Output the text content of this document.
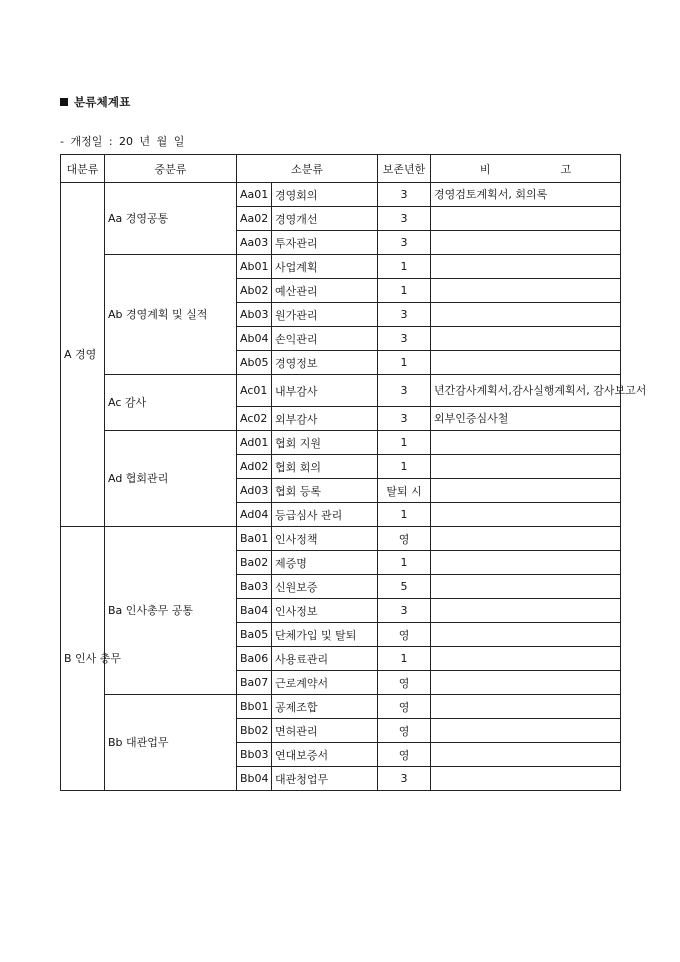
분류체계표
- 개정일 : 20 년 월 일
대분류	중분류	소분류		보존년한	비 고
A 경영	Aa 경영공통	Aa01	경영회의	3	경영검토계획서, 회의록
		Aa02	경영개선	3	
		Aa03	투자관리	3	
	Ab 경영계획 및 실적	Ab01	사업계획	1	
		Ab02	예산관리	1	
		Ab03	원가관리	3	
		Ab04	손익관리	3	
		Ab05	경영정보	1	
	Ac 감사	Ac01	내부감사	3	년간감사계획서,감사실행계획서, 감사보고서
		Ac02	외부감사	3	외부인증심사철
	Ad 협회관리	Ad01	협회 지원	1	
		Ad02	협회 회의	1	
		Ad03	협회 등록	탈퇴 시	
		Ad04	등급심사 관리	1	
B 인사 총무	Ba 인사총무 공통	Ba01	인사정책	영	
		Ba02	제증명	1	
		Ba03	신원보증	5	
		Ba04	인사정보	3	
		Ba05	단체가입 및 탈퇴	영	
		Ba06	사용료관리	1	
		Ba07	근로계약서	영	
	Bb 대관업무	Bb01	공제조합	영	
		Bb02	면허관리	영	
		Bb03	연대보증서	영	
		Bb04	대관청업무	3	
